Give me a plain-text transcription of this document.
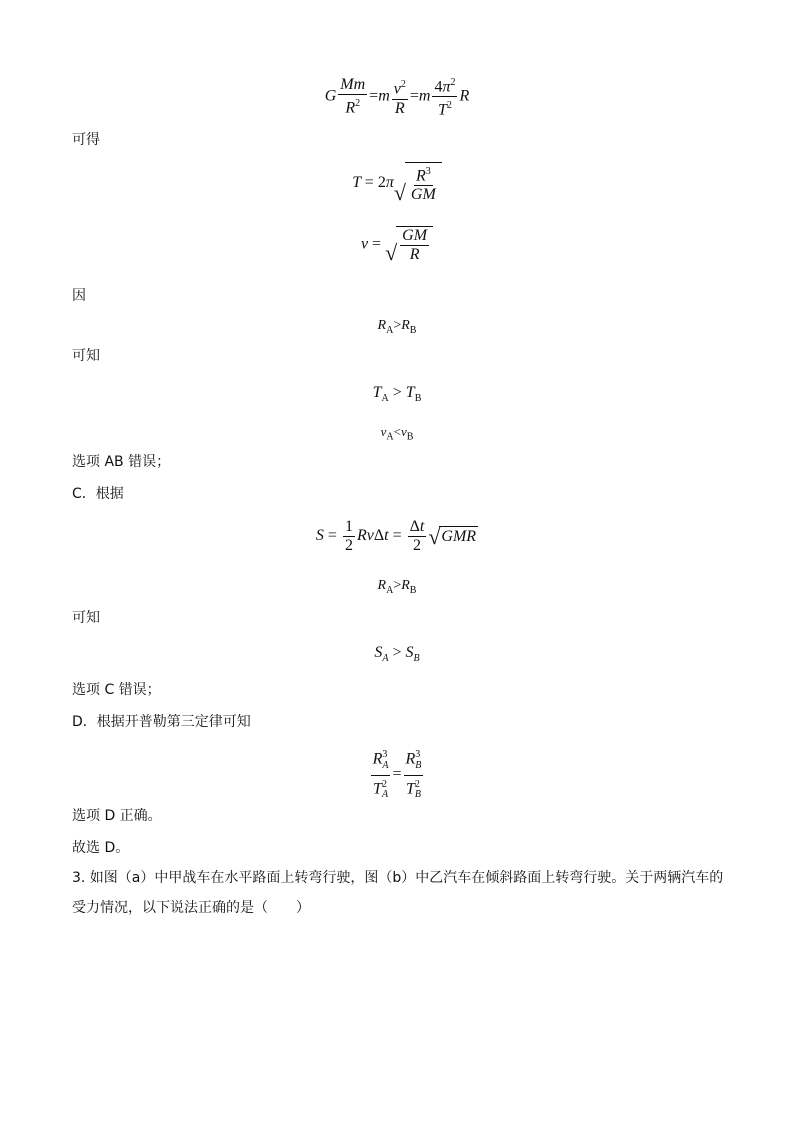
G $\frac{Mm}{R^2} =m \frac{v^2}{R} =m \frac{4\pi^2}{T^2}$ R
可得
T = 2π √ $\frac{R^3}{GM}$
v = √ $\frac{GM}{R}$
因
$R_A>R_B$
可知
$T_A > T_B$
$v_A<v_B$
选项 AB 错误；
C．根据
$S = \frac{1}{2}$ $Rv\Delta t = \frac{\Delta t}{2}$ √ GMR
$R_A>R_B$
可知
$S_A > S_B$
选项 C 错误；
D．根据开普勒第三定律可知
$\frac{R^3_A}{T^2_A} = \frac{R^3_B}{T^2_B}$
选项 D 正确。
故选 D。
3. 如图（a）中甲战车在水平路面上转弯行驶，图（b）中乙汽车在倾斜路面上转弯行驶。关于两辆汽车的
受力情况，以下说法正确的是（　　）
